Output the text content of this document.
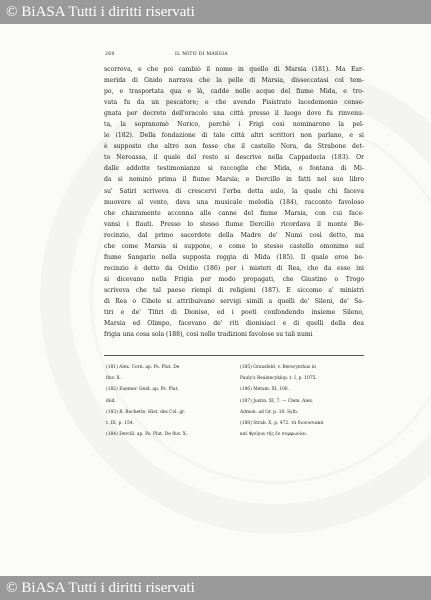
© BiASA Tutti i diritti riservati
260	IL MITO DI MARSIA
scorreva, e che poi cambiò il nome in quello di Marsia (181). Ma Ear-
merida di Gnido narrava che la pelle di Marsia, disseccatasi col tem-
po, e trasportata qua e là, cadde nelle acque del fiume Mida, e tro-
vata fu da un pescatore; e che avendo Pisistrato lacedemonio conse-
gnata per decreto dell'oracolo una città presso il luogo dove fu rinvenu-
ta, la sopranomò Norico, perchè i Frigi così nominarono la pel-
le (182). Della fondazione di tale città altri scrittori non parlano, e si
è supposto che altro non fosse che il castello Nora, da Strabone det-
to Neroassa, il quale del resto si descrive nella Cappadocia (183). Or
dalle addotte testimonianze si raccoglie che Mida, o fontana di Mi-
da si nominò prima il fiume Marsia; e Dercillo in fatti nel suo libro
su' Satiri scriveva di crescervi l'erba detta aulo, la quale chi faceva
muovere al vento, dava una musicale melodia (184), racconto favoloso
che chiaramente accenna alle canne del fiume Marsia, con cui face-
vansi i flauti. Presso lo stesso fiume Dercillo ricordava il monte Be-
recinzio, dal primo sacerdote della Madre de' Numi così detto, ma
che come Marsia si suppone, e come lo stesso castello omonimo sul
fiume Sangario nella supposta reggia di Mida (185). Il quale eroe be-
recinzio è detto da Ovidio (186) per i misteri di Rea, che da esso ini
si dicevano nella Frigia per modo propagati, che Giustino o Trogo
scriveva che tal paese riempì di religioni (187). E siccome a' ministri
di Rea o Cibele si attribuivano servigi simili a quelli de' Sileni, de' Sa-
tiri e de' Titiri di Dioniso, ed i poeti confondendo insieme Sileno,
Marsia ed Olimpo, facevano de' riti dionisiaci e di quelli della dea
frigia una cosa sola (188), così nelle tradizioni favolose su tali numi
(181) Alex. Corn. ap. Ps. Plut. De
fluv. X.
(182) Euemer. Gnid. ap. Ps. Plut.
ibid.
(183) R. Rochette, Hist. des Col. gr.
t. III, p. 154.
(184) Dercill. ap. Ps. Plut. De fluv. X.
(185) Gruxsfeld, v. Berecynthus in
Pauly's Realencyklop. t. I, p. 1075.
(186) Metam. XI, 106.
(187) Justin. XI, 7. — Clem. Alex.
Admon. ad Gr. p. 10. Sylb.
(188) Strab. X, p. 472. τὰ διονυσιακά
καὶ Φρύγια τῆς ἐν συμφωνίαι.
© BiASA Tutti i diritti riservati
